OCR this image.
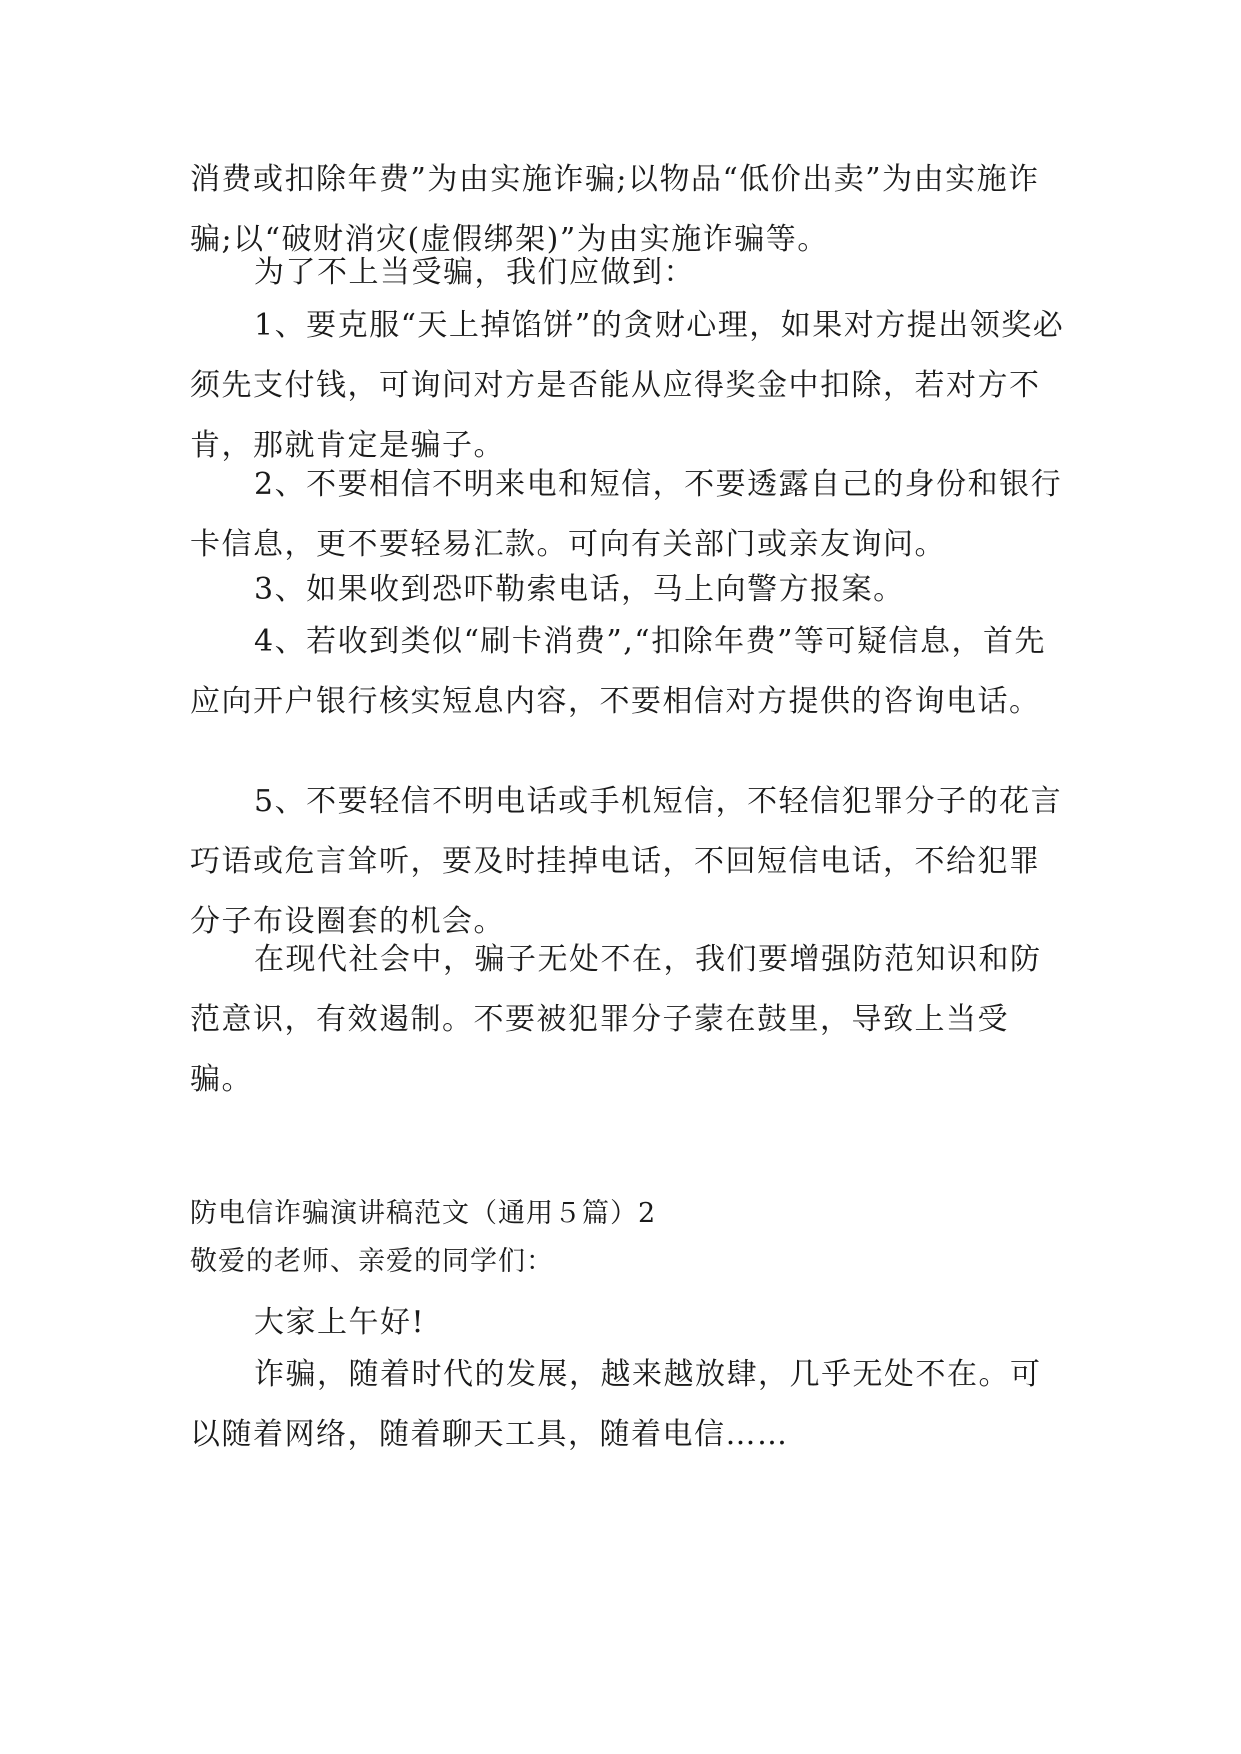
消费或扣除年费”为由实施诈骗;以物品“低价出卖”为由实施诈骗;以“破财消灾(虚假绑架)”为由实施诈骗等。

为了不上当受骗，我们应做到：

1、要克服“天上掉馅饼”的贪财心理，如果对方提出领奖必须先支付钱，可询问对方是否能从应得奖金中扣除，若对方不肯，那就肯定是骗子。

2、不要相信不明来电和短信，不要透露自己的身份和银行卡信息，更不要轻易汇款。可向有关部门或亲友询问。

3、如果收到恐吓勒索电话，马上向警方报案。

4、若收到类似“刷卡消费”,“扣除年费”等可疑信息，首先应向开户银行核实短息内容，不要相信对方提供的咨询电话。

5、不要轻信不明电话或手机短信，不轻信犯罪分子的花言巧语或危言耸听，要及时挂掉电话，不回短信电话，不给犯罪分子布设圈套的机会。

在现代社会中，骗子无处不在，我们要增强防范知识和防范意识，有效遏制。不要被犯罪分子蒙在鼓里，导致上当受骗。

防电信诈骗演讲稿范文（通用５篇）2

敬爱的老师、亲爱的同学们：

大家上午好!

诈骗，随着时代的发展，越来越放肆，几乎无处不在。可以随着网络，随着聊天工具，随着电信……
